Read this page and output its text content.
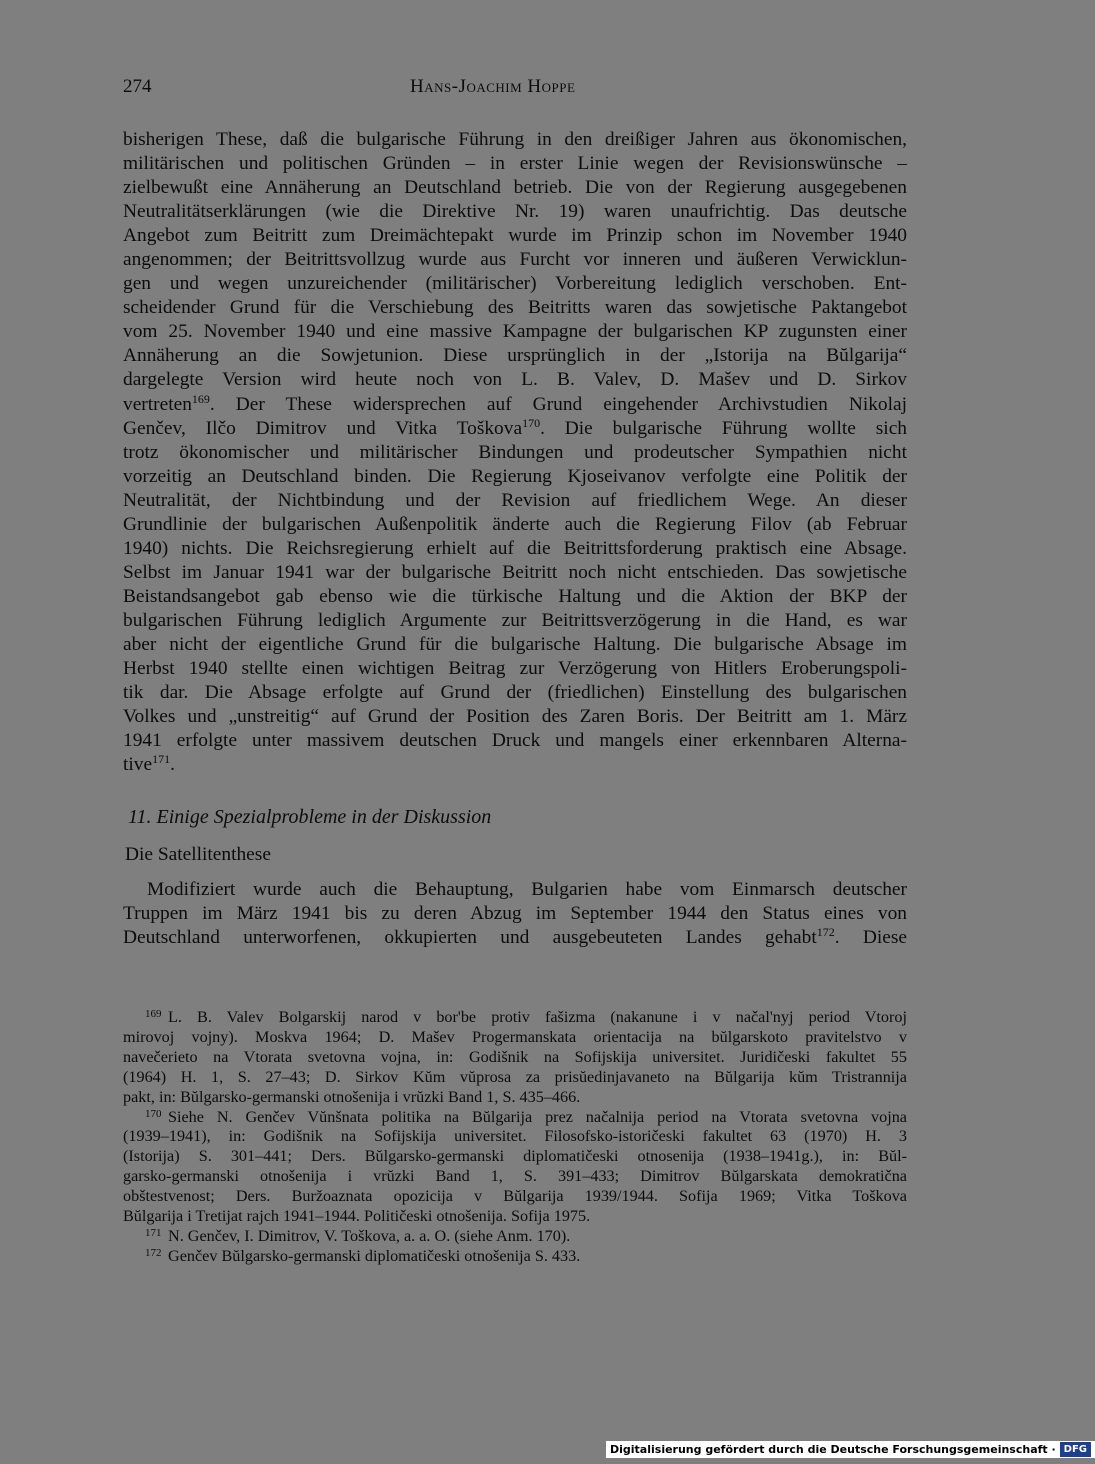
274	Hans-Joachim Hoppe
bisherigen These, daß die bulgarische Führung in den dreißiger Jahren aus ökonomischen,
militärischen und politischen Gründen – in erster Linie wegen der Revisionswünsche –
zielbewußt eine Annäherung an Deutschland betrieb. Die von der Regierung ausgegebenen
Neutralitätserklärungen (wie die Direktive Nr. 19) waren unaufrichtig. Das deutsche
Angebot zum Beitritt zum Dreimächtepakt wurde im Prinzip schon im November 1940
angenommen; der Beitrittsvollzug wurde aus Furcht vor inneren und äußeren Verwicklun-
gen und wegen unzureichender (militärischer) Vorbereitung lediglich verschoben. Ent-
scheidender Grund für die Verschiebung des Beitritts waren das sowjetische Paktangebot
vom 25. November 1940 und eine massive Kampagne der bulgarischen KP zugunsten einer
Annäherung an die Sowjetunion. Diese ursprünglich in der „Istorija na Bŭlgarija“
dargelegte Version wird heute noch von L. B. Valev, D. Mašev und D. Sirkov
vertreten$^{169}$. Der These widersprechen auf Grund eingehender Archivstudien Nikolaj
Genčev, Ilčo Dimitrov und Vitka Toškova$^{170}$. Die bulgarische Führung wollte sich
trotz ökonomischer und militärischer Bindungen und prodeutscher Sympathien nicht
vorzeitig an Deutschland binden. Die Regierung Kjoseivanov verfolgte eine Politik der
Neutralität, der Nichtbindung und der Revision auf friedlichem Wege. An dieser
Grundlinie der bulgarischen Außenpolitik änderte auch die Regierung Filov (ab Februar
1940) nichts. Die Reichsregierung erhielt auf die Beitrittsforderung praktisch eine Absage.
Selbst im Januar 1941 war der bulgarische Beitritt noch nicht entschieden. Das sowjetische
Beistandsangebot gab ebenso wie die türkische Haltung und die Aktion der BKP der
bulgarischen Führung lediglich Argumente zur Beitrittsverzögerung in die Hand, es war
aber nicht der eigentliche Grund für die bulgarische Haltung. Die bulgarische Absage im
Herbst 1940 stellte einen wichtigen Beitrag zur Verzögerung von Hitlers Eroberungspoli-
tik dar. Die Absage erfolgte auf Grund der (friedlichen) Einstellung des bulgarischen
Volkes und „unstreitig“ auf Grund der Position des Zaren Boris. Der Beitritt am 1. März
1941 erfolgte unter massivem deutschen Druck und mangels einer erkennbaren Alterna-
tive$^{171}$.
11. Einige Spezialprobleme in der Diskussion
Die Satellitenthese
Modifiziert wurde auch die Behauptung, Bulgarien habe vom Einmarsch deutscher
Truppen im März 1941 bis zu deren Abzug im September 1944 den Status eines von
Deutschland unterworfenen, okkupierten und ausgebeuteten Landes gehabt$^{172}$. Diese
$^{169}$ L. B. Valev Bolgarskij narod v bor'be protiv fašizma (nakanune i v načal'nyj period Vtoroj
mirovoj vojny). Moskva 1964; D. Mašev Progermanskata orientacija na bŭlgarskoto pravitelstvo v
navečerieto na Vtorata svetovna vojna, in: Godišnik na Sofijskija universitet. Juridičeski fakultet 55
(1964) H. 1, S. 27–43; D. Sirkov Kŭm vŭprosa za prisŭedinjavaneto na Bŭlgarija kŭm Tristrannija
pakt, in: Bŭlgarsko-germanski otnošenija i vrŭzki Band 1, S. 435–466.
$^{170}$ Siehe N. Genčev Vŭnšnata politika na Bŭlgarija prez načalnija period na Vtorata svetovna vojna
(1939–1941), in: Godišnik na Sofijskija universitet. Filosofsko-istoričeski fakultet 63 (1970) H. 3
(Istorija) S. 301–441; Ders. Bŭlgarsko-germanski diplomatičeski otnosenija (1938–1941g.), in: Bŭl-
garsko-germanski otnošenija i vrŭzki Band 1, S. 391–433; Dimitrov Bŭlgarskata demokratična
obštestvenost; Ders. Buržoaznata opozicija v Bŭlgarija 1939/1944. Sofija 1969; Vitka Toškova
Bŭlgarija i Tretijat rajch 1941–1944. Političeski otnošenija. Sofija 1975.
$^{171}$ N. Genčev, I. Dimitrov, V. Toškova, a. a. O. (siehe Anm. 170).
$^{172}$ Genčev Bŭlgarsko-germanski diplomatičeski otnošenija S. 433.
Digitalisierung gefördert durch die Deutsche Forschungsgemeinschaft · DFG
